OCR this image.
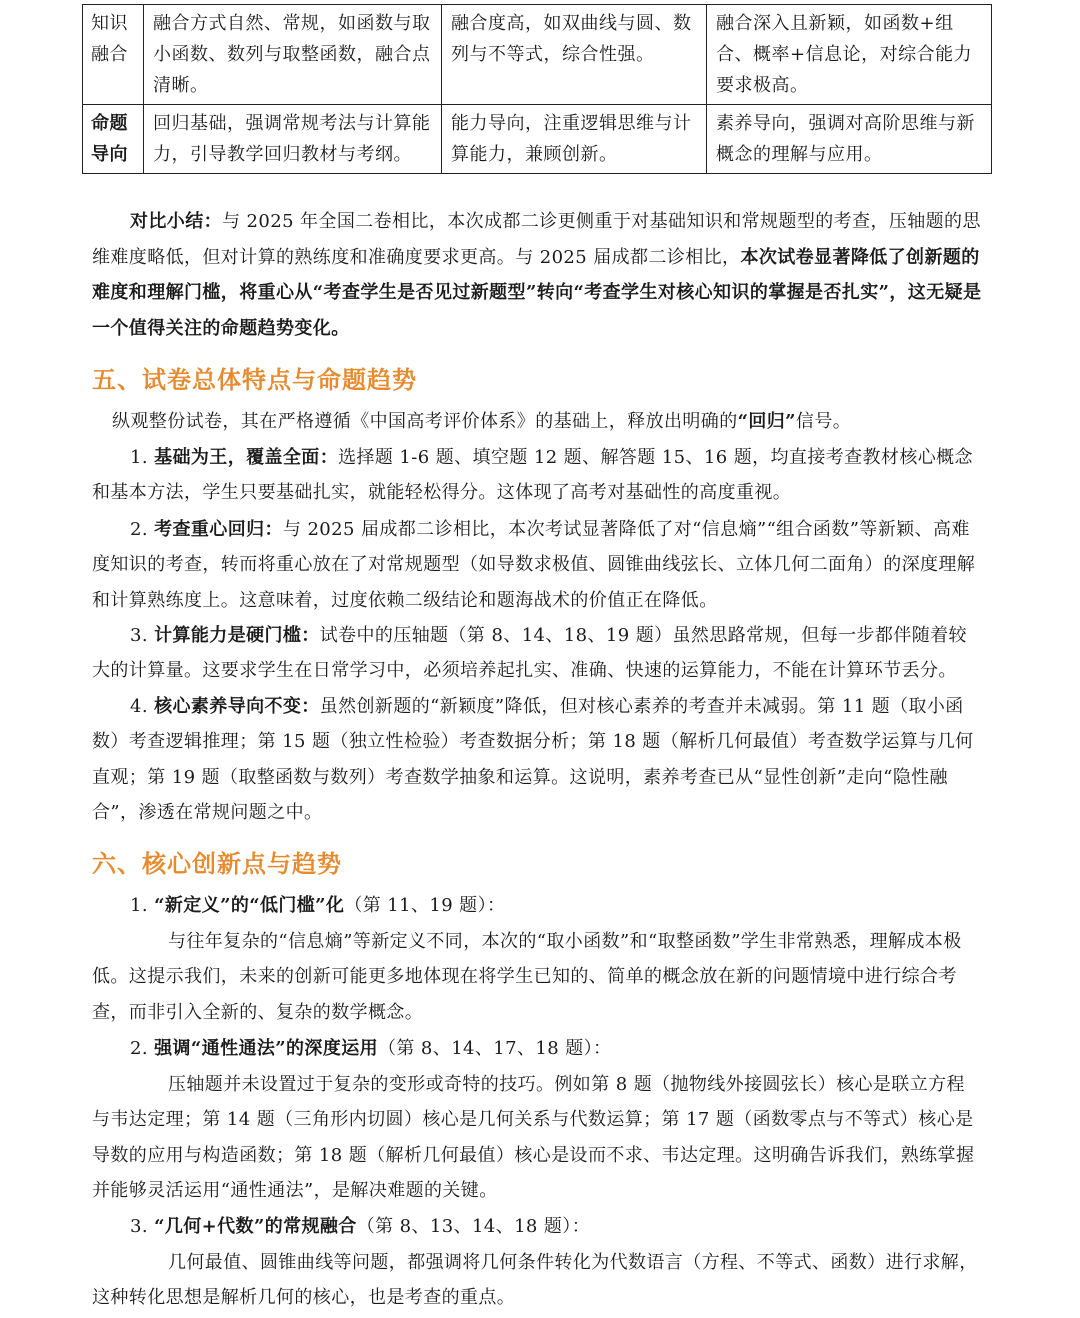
知识融合	融合方式自然、常规，如函数与取小函数、数列与取整函数，融合点清晰。	融合度高，如双曲线与圆、数列与不等式，综合性强。	融合深入且新颖，如函数+组合、概率+信息论，对综合能力要求极高。
命题导向	回归基础，强调常规考法与计算能力，引导教学回归教材与考纲。	能力导向，注重逻辑思维与计算能力，兼顾创新。	素养导向，强调对高阶思维与新概念的理解与应用。
对比小结：与 2025 年全国二卷相比，本次成都二诊更侧重于对基础知识和常规题型的考查，压轴题的思维难度略低，但对计算的熟练度和准确度要求更高。与 2025 届成都二诊相比，本次试卷显著降低了创新题的难度和理解门槛，将重心从“考查学生是否见过新题型”转向“考查学生对核心知识的掌握是否扎实”，这无疑是一个值得关注的命题趋势变化。
五、试卷总体特点与命题趋势
纵观整份试卷，其在严格遵循《中国高考评价体系》的基础上，释放出明确的“回归”信号。
1. 基础为王，覆盖全面：选择题 1-6 题、填空题 12 题、解答题 15、16 题，均直接考查教材核心概念和基本方法，学生只要基础扎实，就能轻松得分。这体现了高考对基础性的高度重视。
2. 考查重心回归：与 2025 届成都二诊相比，本次考试显著降低了对“信息熵”“组合函数”等新颖、高难度知识的考查，转而将重心放在了对常规题型（如导数求极值、圆锥曲线弦长、立体几何二面角）的深度理解和计算熟练度上。这意味着，过度依赖二级结论和题海战术的价值正在降低。
3. 计算能力是硬门槛：试卷中的压轴题（第 8、14、18、19 题）虽然思路常规，但每一步都伴随着较大的计算量。这要求学生在日常学习中，必须培养起扎实、准确、快速的运算能力，不能在计算环节丢分。
4. 核心素养导向不变：虽然创新题的“新颖度”降低，但对核心素养的考查并未减弱。第 11 题（取小函数）考查逻辑推理；第 15 题（独立性检验）考查数据分析；第 18 题（解析几何最值）考查数学运算与几何直观；第 19 题（取整函数与数列）考查数学抽象和运算。这说明，素养考查已从“显性创新”走向“隐性融合”，渗透在常规问题之中。
六、核心创新点与趋势
1. “新定义”的“低门槛”化（第 11、19 题）：
与往年复杂的“信息熵”等新定义不同，本次的“取小函数”和“取整函数”学生非常熟悉，理解成本极低。这提示我们，未来的创新可能更多地体现在将学生已知的、简单的概念放在新的问题情境中进行综合考查，而非引入全新的、复杂的数学概念。
2. 强调“通性通法”的深度运用（第 8、14、17、18 题）：
压轴题并未设置过于复杂的变形或奇特的技巧。例如第 8 题（抛物线外接圆弦长）核心是联立方程与韦达定理；第 14 题（三角形内切圆）核心是几何关系与代数运算；第 17 题（函数零点与不等式）核心是导数的应用与构造函数；第 18 题（解析几何最值）核心是设而不求、韦达定理。这明确告诉我们，熟练掌握并能够灵活运用“通性通法”，是解决难题的关键。
3. “几何+代数”的常规融合（第 8、13、14、18 题）：
几何最值、圆锥曲线等问题，都强调将几何条件转化为代数语言（方程、不等式、函数）进行求解，这种转化思想是解析几何的核心，也是考查的重点。
